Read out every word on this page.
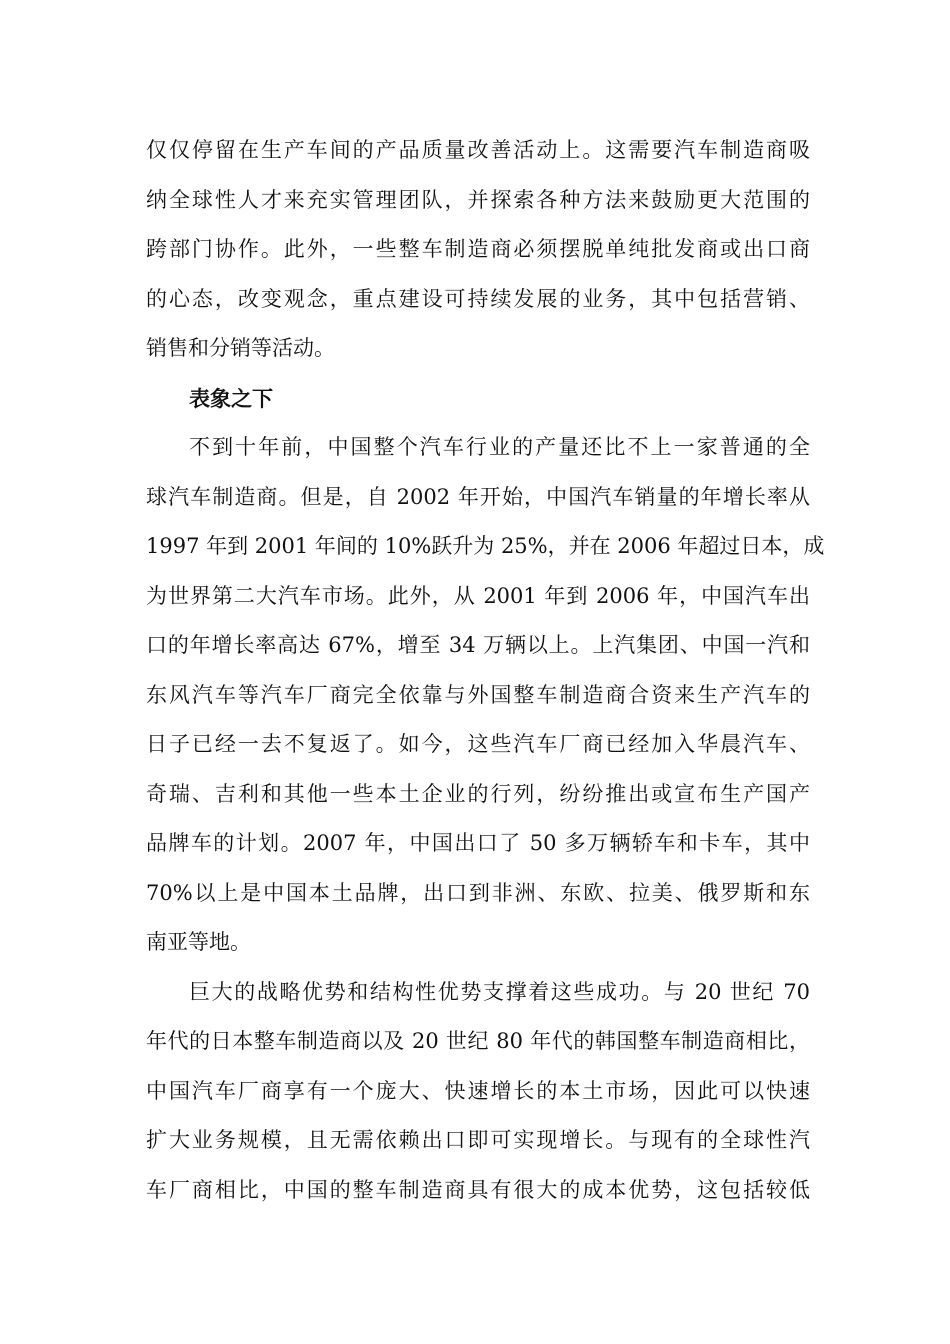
仅仅停留在生产车间的产品质量改善活动上。这需要汽车制造商吸
纳全球性人才来充实管理团队，并探索各种方法来鼓励更大范围的
跨部门协作。此外，一些整车制造商必须摆脱单纯批发商或出口商
的心态，改变观念，重点建设可持续发展的业务，其中包括营销、
销售和分销等活动。
表象之下
不到十年前，中国整个汽车行业的产量还比不上一家普通的全
球汽车制造商。但是，自 2002 年开始，中国汽车销量的年增长率从
1997 年到 2001 年间的 10%跃升为 25%，并在 2006 年超过日本，成
为世界第二大汽车市场。此外，从 2001 年到 2006 年，中国汽车出
口的年增长率高达 67%，增至 34 万辆以上。上汽集团、中国一汽和
东风汽车等汽车厂商完全依靠与外国整车制造商合资来生产汽车的
日子已经一去不复返了。如今，这些汽车厂商已经加入华晨汽车、
奇瑞、吉利和其他一些本土企业的行列，纷纷推出或宣布生产国产
品牌车的计划。2007 年，中国出口了 50 多万辆轿车和卡车，其中
70%以上是中国本土品牌，出口到非洲、东欧、拉美、俄罗斯和东
南亚等地。
巨大的战略优势和结构性优势支撑着这些成功。与 20 世纪 70
年代的日本整车制造商以及 20 世纪 80 年代的韩国整车制造商相比，
中国汽车厂商享有一个庞大、快速增长的本土市场，因此可以快速
扩大业务规模，且无需依赖出口即可实现增长。与现有的全球性汽
车厂商相比，中国的整车制造商具有很大的成本优势，这包括较低
